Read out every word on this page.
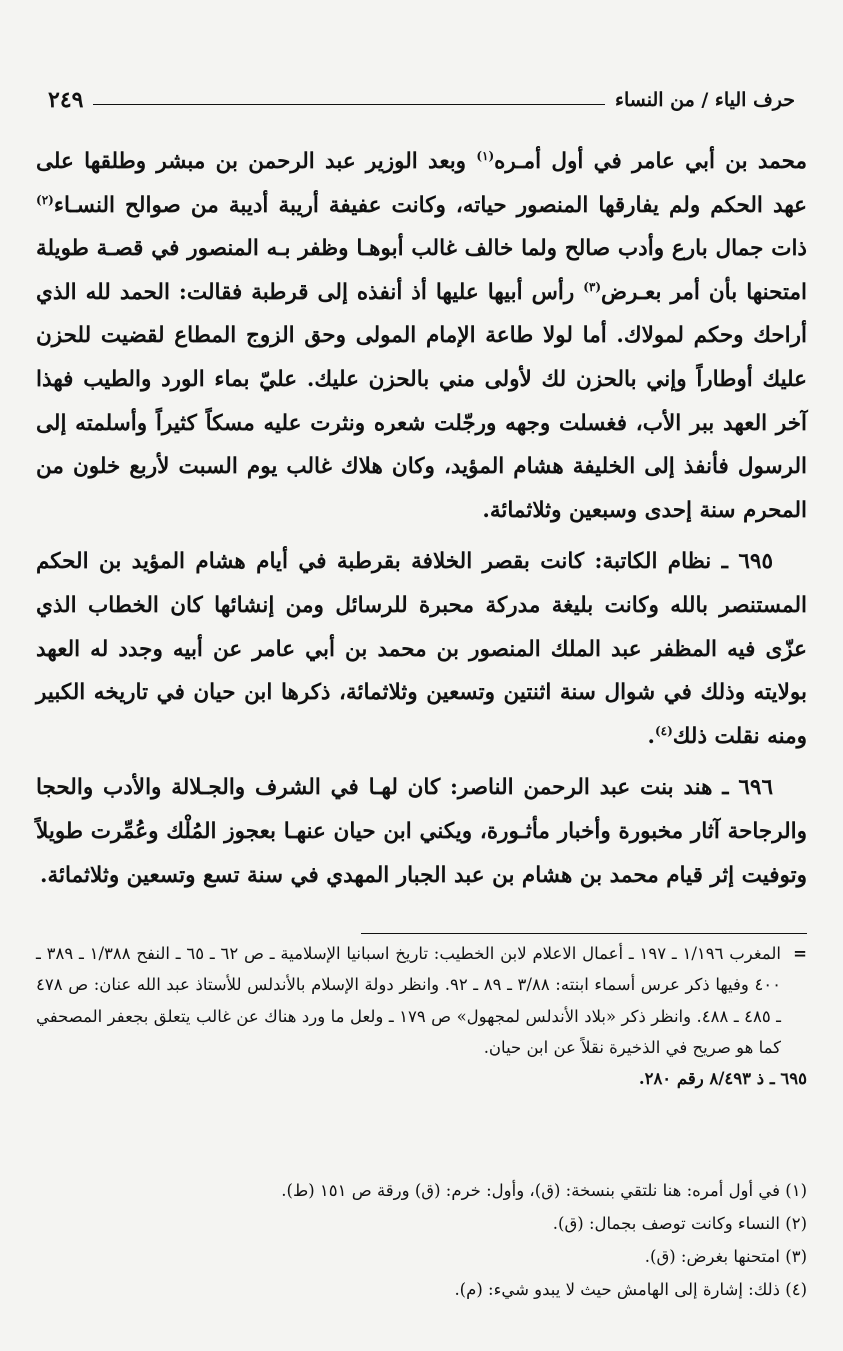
حرف الياء / من النساء
٢٤٩

محمد بن أبي عامر في أول أمـره$^{(١)}$ وبعد الوزير عبد الرحمن بن مبشر وطلقها على عهد الحكم ولم يفارقها المنصور حياته، وكانت عفيفة أريبة أديبة من صوالح النسـاء$^{(٢)}$ ذات جمال بارع وأدب صالح ولما خالف غالب أبوهـا وظفر بـه المنصور في قصـة طويلة امتحنها بأن أمر بعـرض$^{(٣)}$ رأس أبيها عليها أذ أنفذه إلى قرطبة فقالت: الحمد لله الذي أراحك وحكم لمولاك. أما لولا طاعة الإمام المولى وحق الزوج المطاع لقضيت للحزن عليك أوطاراً وإني بالحزن لك لأولى مني بالحزن عليك. عليّ بماء الورد والطيب فهذا آخر العهد ببر الأب، فغسلت وجهه ورجّلت شعره ونثرت عليه مسكاً كثيراً وأسلمته إلى الرسول فأنفذ إلى الخليفة هشام المؤيد، وكان هلاك غالب يوم السبت لأربع خلون من المحرم سنة إحدى وسبعين وثلاثمائة.

٦٩٥ ـ نظام الكاتبة: كانت بقصر الخلافة بقرطبة في أيام هشام المؤيد بن الحكم المستنصر بالله وكانت بليغة مدركة محبرة للرسائل ومن إنشائها كان الخطاب الذي عزّى فيه المظفر عبد الملك المنصور بن محمد بن أبي عامر عن أبيه وجدد له العهد بولايته وذلك في شوال سنة اثنتين وتسعين وثلاثمائة، ذكرها ابن حيان في تاريخه الكبير ومنه نقلت ذلك$^{(٤)}$.

٦٩٦ ـ هند بنت عبد الرحمن الناصر: كان لهـا في الشرف والجـلالة والأدب والحجا والرجاحة آثار مخبورة وأخبار مأثـورة، ويكني ابن حيان عنهـا بعجوز المُلْك وعُمِّرت طويلاً وتوفيت إثر قيام محمد بن هشام بن عبد الجبار المهدي في سنة تسع وتسعين وثلاثمائة.

=
المغرب ١/١٩٦ ـ ١٩٧ ـ أعمال الاعلام لابن الخطيب: تاريخ اسبانيا الإسلامية ـ ص ٦٢ ـ ٦٥ ـ النفح ١/٣٨٨ ـ ٣٨٩ ـ ٤٠٠ وفيها ذكر عرس أسماء ابنته: ٣/٨٨ ـ ٨٩ ـ ٩٢. وانظر دولة الإسلام بالأندلس للأستاذ عبد الله عنان: ص ٤٧٨ ـ ٤٨٥ ـ ٤٨٨. وانظر ذكر «بلاد الأندلس لمجهول» ص ١٧٩ ـ ولعل ما ورد هناك عن غالب يتعلق بجعفر المصحفي كما هو صريح في الذخيرة نقلاً عن ابن حيان.

٦٩٥ ـ ذ ٨/٤٩٣ رقم ٢٨٠.

(١) في أول أمره: هنا نلتقي بنسخة: (ق)، وأول: خرم: (ق) ورقة ص ١٥١ (ط).

(٢) النساء وكانت توصف بجمال: (ق).

(٣) امتحنها بغرض: (ق).

(٤) ذلك: إشارة إلى الهامش حيث لا يبدو شيء: (م).
